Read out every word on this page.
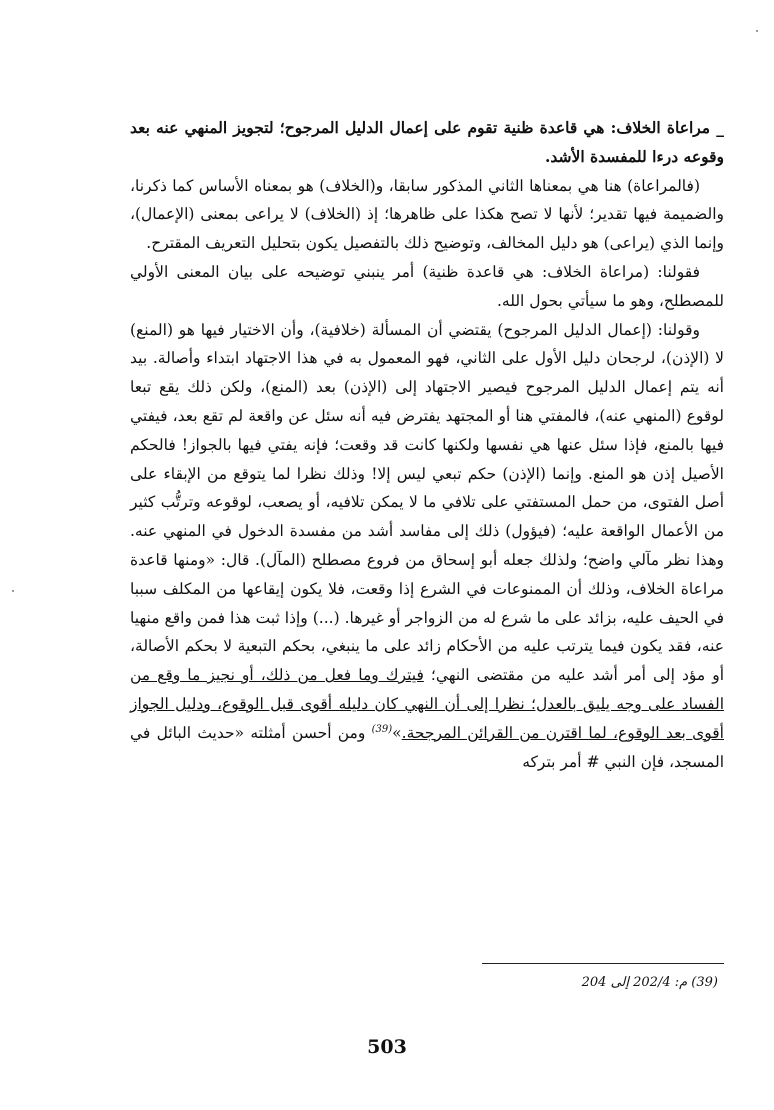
_ مراعاة الخلاف: هي قاعدة ظنية تقوم على إعمال الدليل المرجوح؛ لتجويز المنهي عنه بعد وقوعه درءا للمفسدة الأشد.

(فالمراعاة) هنا هي بمعناها الثاني المذكور سابقا، و(الخلاف) هو بمعناه الأساس كما ذكرنا، والضميمة فيها تقدير؛ لأنها لا تصح هكذا على ظاهرها؛ إذ (الخلاف) لا يراعى بمعنى (الإعمال)، وإنما الذي (يراعى) هو دليل المخالف، وتوضيح ذلك بالتفصيل يكون بتحليل التعريف المقترح.

فقولنا: (مراعاة الخلاف: هي قاعدة ظنية) أمر ينبني توضيحه على بيان المعنى الأولي للمصطلح، وهو ما سيأتي بحول الله.

وقولنا: (إعمال الدليل المرجوح) يقتضي أن المسألة (خلافية)، وأن الاختيار فيها هو (المنع) لا (الإذن)، لرجحان دليل الأول على الثاني، فهو المعمول به في هذا الاجتهاد ابتداء وأصالة. بيد أنه يتم إعمال الدليل المرجوح فيصير الاجتهاد إلى (الإذن) بعد (المنع)، ولكن ذلك يقع تبعا لوقوع (المنهي عنه)، فالمفتي هنا أو المجتهد يفترض فيه أنه سئل عن واقعة لم تقع بعد، فيفتي فيها بالمنع، فإذا سئل عنها هي نفسها ولكنها كانت قد وقعت؛ فإنه يفتي فيها بالجواز! فالحكم الأصيل إذن هو المنع. وإنما (الإذن) حكم تبعي ليس إلا! وذلك نظرا لما يتوقع من الإبقاء على أصل الفتوى، من حمل المستفتي على تلافي ما لا يمكن تلافيه، أو يصعب، لوقوعه وترتُّب كثير من الأعمال الواقعة عليه؛ (فيؤول) ذلك إلى مفاسد أشد من مفسدة الدخول في المنهي عنه. وهذا نظر مآلي واضح؛ ولذلك جعله أبو إسحاق من فروع مصطلح (المآل). قال: «ومنها قاعدة مراعاة الخلاف، وذلك أن الممنوعات في الشرع إذا وقعت، فلا يكون إيقاعها من المكلف سببا في الحيف عليه، بزائد على ما شرع له من الزواجر أو غيرها. (...) وإذا ثبت هذا فمن واقع منهيا عنه، فقد يكون فيما يترتب عليه من الأحكام زائد على ما ينبغي، بحكم التبعية لا بحكم الأصالة، أو مؤد إلى أمر أشد عليه من مقتضى النهي؛ فيترك وما فعل من ذلك، أو نجيز ما وقع من الفساد على وجه يليق بالعدل؛ نظرا إلى أن النهي كان دليله أقوى قبل الوقوع، ودليل الجواز أقوى بعد الوقوع، لما اقترن من القرائن المرجحة.»$^{(39)}$ ومن أحسن أمثلته «حديث البائل في المسجد، فإن النبي # أمر بتركه

(39) م: 202/4 إلى 204
503
